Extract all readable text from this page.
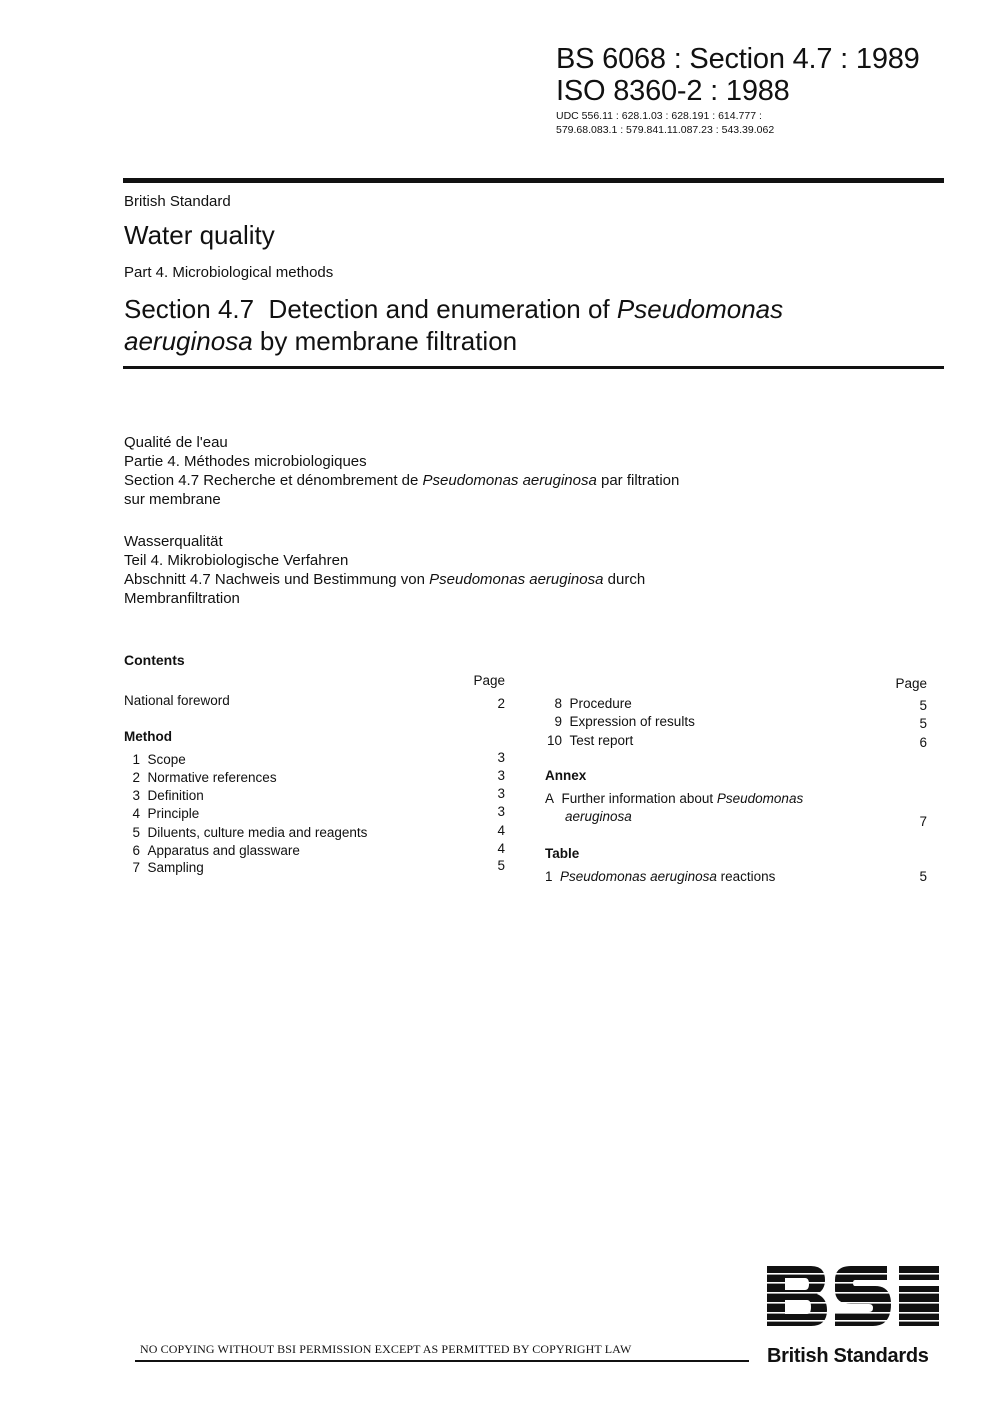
BS 6068 : Section 4.7 : 1989
ISO 8360-2 : 1988
UDC 556.11 : 628.1.03 : 628.191 : 614.777 :
579.68.083.1 : 579.841.11.087.23 : 543.39.062
British Standard
Water quality
Part 4. Microbiological methods
Section 4.7 Detection and enumeration of Pseudomonas
aeruginosa by membrane filtration
Qualité de l'eau
Partie 4. Méthodes microbiologiques
Section 4.7 Recherche et dénombrement de Pseudomonas aeruginosa par filtration
sur membrane
Wasserqualität
Teil 4. Mikrobiologische Verfahren
Abschnitt 4.7 Nachweis und Bestimmung von Pseudomonas aeruginosa durch
Membranfiltration
Contents
Page
National foreword	2
Method
Page
Annex
A Further information about Pseudomonas
aeruginosa	7
Table
1 Pseudomonas aeruginosa reactions	5
NO COPYING WITHOUT BSI PERMISSION EXCEPT AS PERMITTED BY COPYRIGHT LAW	British Standards
1 Scope	3
2 Normative references	3
3 Definition	3
4 Principle	3
5 Diluents, culture media and reagents	4
6 Apparatus and glassware	4
7 Sampling	5
8 Procedure	5
9 Expression of results	5
10 Test report	6
